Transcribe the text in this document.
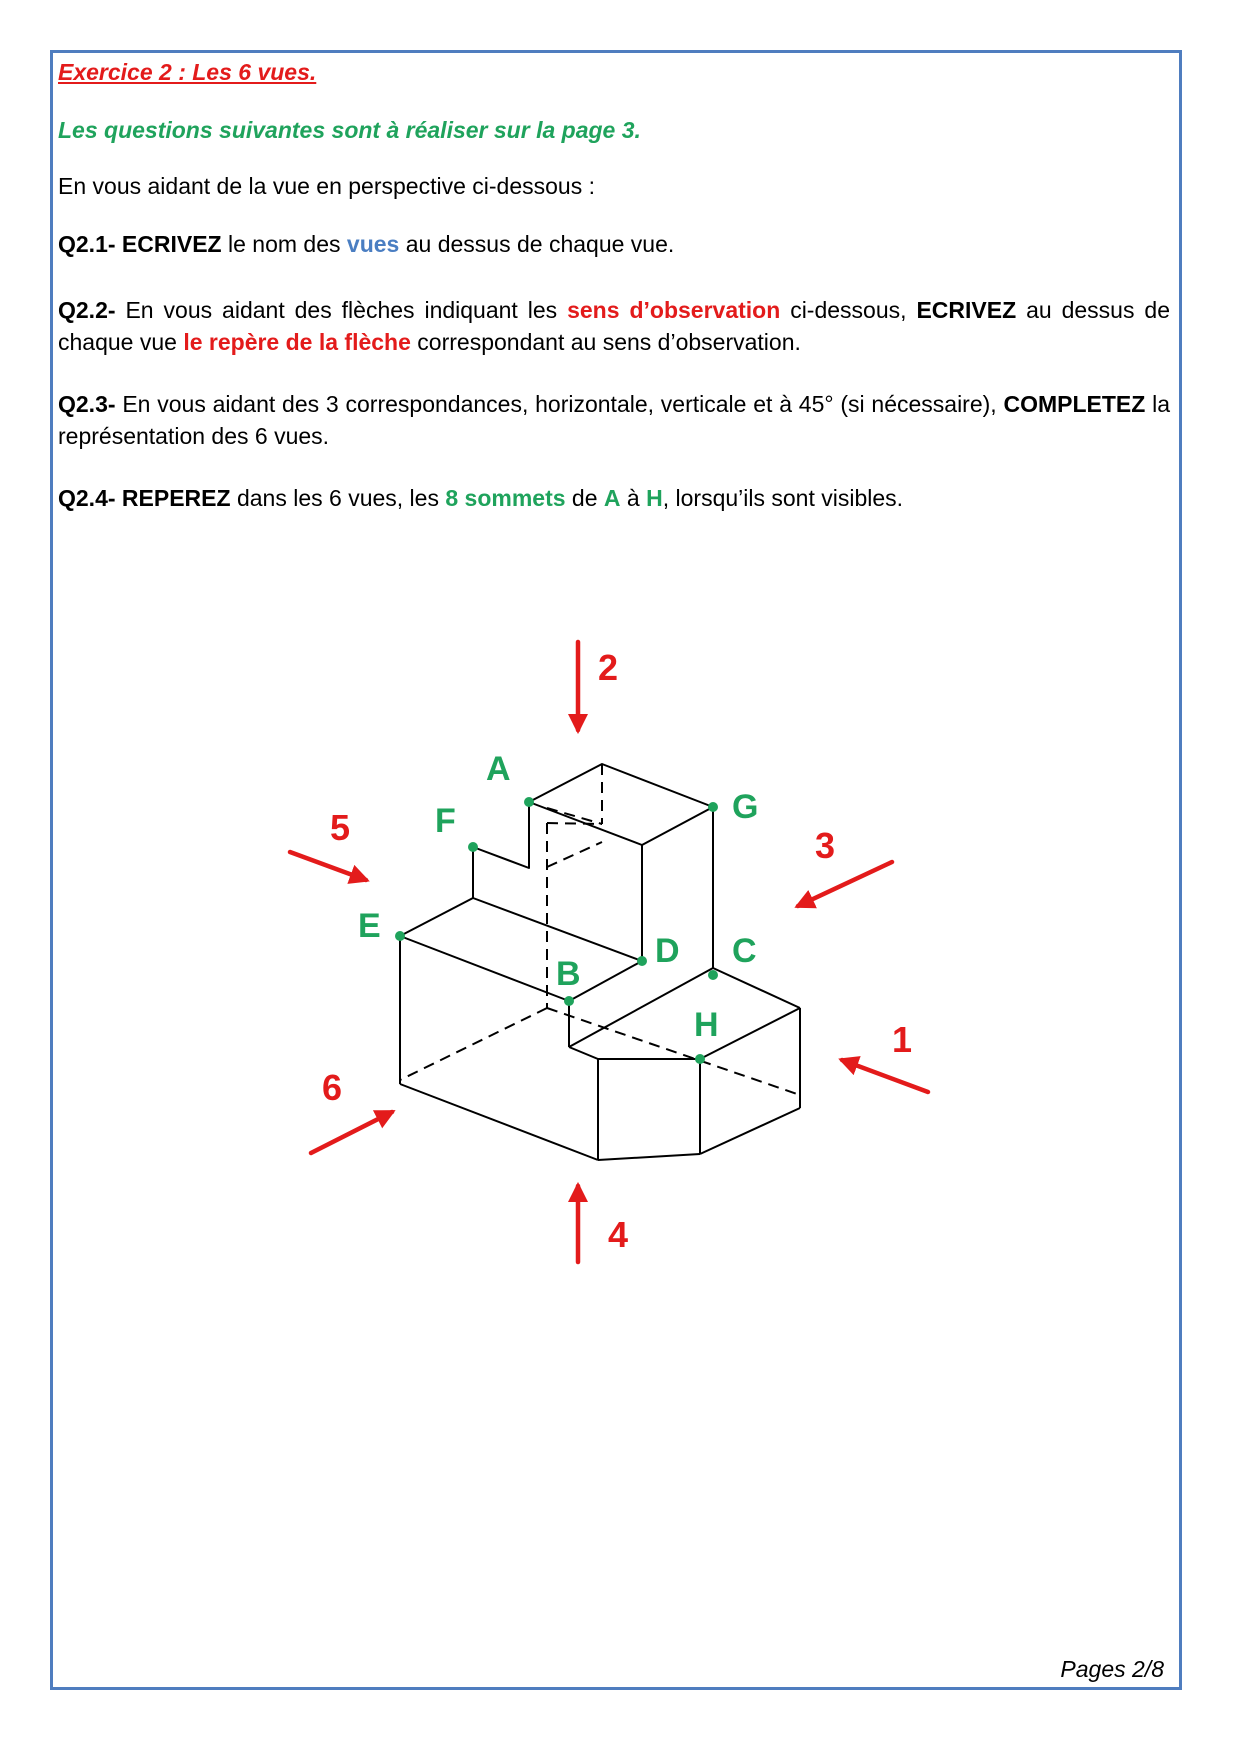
Exercice 2 : Les 6 vues.

Les questions suivantes sont à réaliser sur la page 3.

En vous aidant de la vue en perspective ci-dessous :

Q2.1- ECRIVEZ le nom des vues au dessus de chaque vue.

Q2.2- En vous aidant des flèches indiquant les sens d’observation ci-dessous, ECRIVEZ au dessus de chaque vue le repère de la flèche correspondant au sens d’observation.

Q2.3- En vous aidant des 3 correspondances, horizontale, verticale et à 45° (si nécessaire), COMPLETEZ la représentation des 6 vues.

Q2.4- REPEREZ dans les 6 vues, les 8 sommets de A à H, lorsqu’ils sont visibles.

A
B
C
D
E
F	G
H	1
2
3
4
5
6
Pages 2/8
